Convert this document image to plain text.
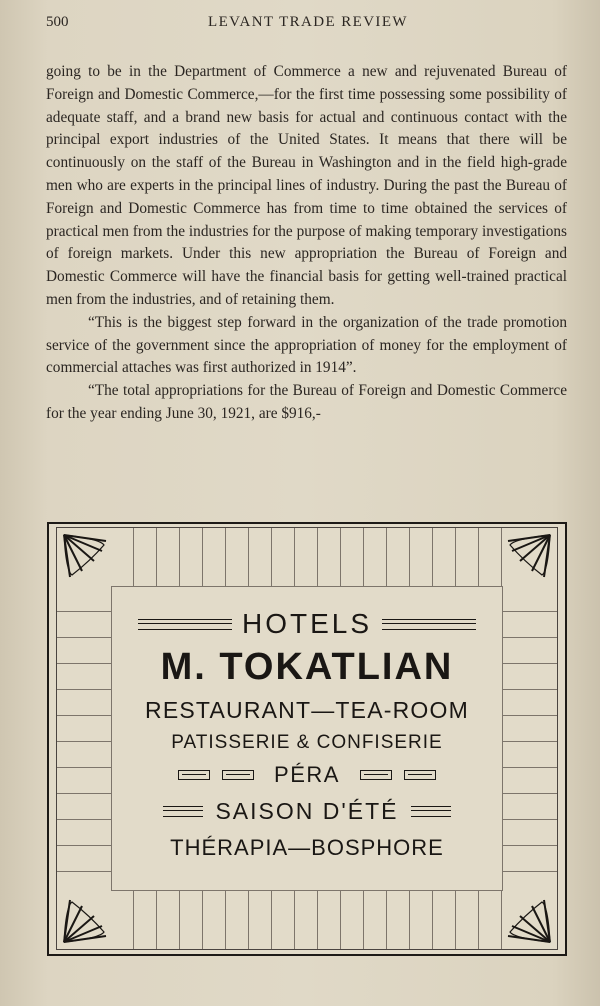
500	LEVANT TRADE REVIEW

going to be in the Department of Commerce a new and rejuvenated Bureau of Foreign and Domestic Commerce,—for the first time possessing some possibility of adequate staff, and a brand new basis for actual and continuous contact with the principal export industries of the United States. It means that there will be continuously on the staff of the Bureau in Washington and in the field high-grade men who are experts in the principal lines of industry. During the past the Bureau of Foreign and Domestic Commerce has from time to time obtained the services of practical men from the industries for the purpose of making temporary investigations of foreign markets. Under this new appropriation the Bureau of Foreign and Domestic Commerce will have the financial basis for getting well-trained practical men from the industries, and of retaining them.

“This is the biggest step forward in the organization of the trade promotion service of the government since the appropriation of money for the employment of commercial attaches was first authorized in 1914”.

“The total appropriations for the Bureau of Foreign and Domestic Commerce for the year ending June 30, 1921, are $916,-

HOTELS
M. TOKATLIAN
RESTAURANT—TEA-ROOM
PATISSERIE & CONFISERIE
PÉRA
SAISON D'ÉTÉ
THÉRAPIA—BOSPHORE
